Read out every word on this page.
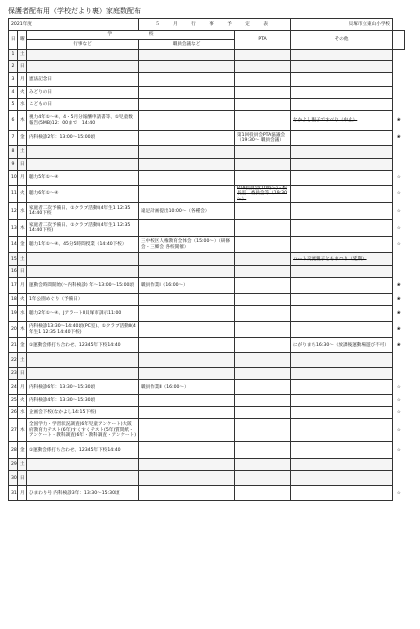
保護者配布用（学校だより裏）家庭数配布
2021年度			５ 月 行 事 予 定 表		貝塚市立東山小学校	
日	曜	学　　　　　　　　校		PTA	その他	
		行事など	職員会議など			
1	土					
2	日					
3	月	憲法記念日				
4	火	みどりの日				
5	水	こどもの日				
6	木	視力4年①～④、4・5月分報酬申請書等、①児童数報告(5MB)12：00まで　14:40			なかよし親子ですべり（中止）	❀
7	金	内科検診2年：13:00～15:00頃		第1回役員会PTA協議会（19:30～ 職員会議）		❀
8	土					
9	日					
10	月	聴力5年①～④				☆
11	火	聴力6年①～④		PTA役員会(10時～)・校長室　委員会等（19:30～）		☆
12	水	家庭者二次予備日、①クラブ活動Ⅰ(4年生1 12:35 14:40下校	遠足計画提出10:00～（各種会）			☆
13	木	家庭者二次予備日、①クラブ活動Ⅰ(4年生1 12:35 14:40下校)				☆
14	金	聴力1年①～④、45分5時間授業（14:40下校）	三中校区人権教育全体会（15:00～）（研修会・三郷会 各校開催）			☆
15	土				ハート交流親子ともまつり（延期）	
16	日					
17	月	運動会時間開始(～内科検診) 年～13:00～15:00頃	職員作業Ⅰ（16:00～）			❀
18	火	1年公園めぐり（予備日）				❀
19	水	聴力2年①～④、JアラートⅡ貝塚市訓示11:00				❀
20	木	内科検診13:30～14:40頃(PC室)、①クラブ活動Ⅱ(4年生1 12:35 14:40下校)				❀
21	金	①運動会係打ち合わせ、12345年下校14:40			にがりまち16:30～（放課後運動場遊び不可）	❀
22	土					
23	日					
24	月	内科検診6年：13:30～15:30頃	職員作業Ⅱ（16:00～）			☆
25	火	内科検診4年：13:30～15:30頃				☆
26	水	企画会下校(なかよし14:15下校)				☆
27	木	全国学力・学習状況調査(6年児童アンケート)大阪府教育力テスト(6年)すくすくテスト(5年)質問紙・アンケート・教科調査(6年・教科調査・アンケート)				☆
28	金	①運動会係打ち合わせ、12345年下校14:40				☆
29	土					
30	日					
31	月	ひまわり号 内科検診3年：13:30～15:30頃				☆
